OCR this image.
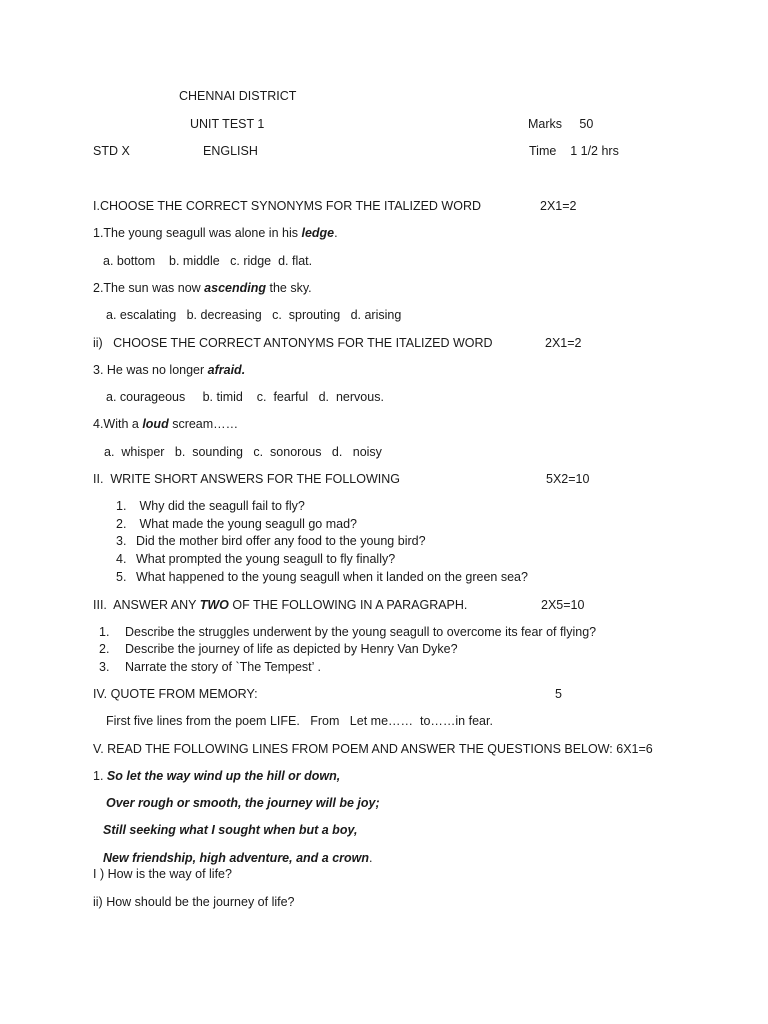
CHENNAI DISTRICT
UNIT TEST 1	Marks     50
STD X	ENGLISH	Time    1 1/2 hrs
I.CHOOSE THE CORRECT SYNONYMS FOR THE ITALIZED WORD	2X1=2
1.The young seagull was alone in his ledge.
a. bottom    b. middle   c. ridge  d. flat.
2.The sun was now ascending the sky.
a. escalating   b. decreasing   c.  sprouting   d. arising
ii)   CHOOSE THE CORRECT ANTONYMS FOR THE ITALIZED WORD	2X1=2
3. He was no longer afraid.
a. courageous     b. timid    c.  fearful   d.  nervous.
4.With a loud scream……
a.  whisper   b.  sounding   c.  sonorous   d.   noisy
II.  WRITE SHORT ANSWERS FOR THE FOLLOWING	5X2=10
1. Why did the seagull fail to fly?
2. What made the young seagull go mad?
3. Did the mother bird offer any food to the young bird?
4. What prompted the young seagull to fly finally?
5. What happened to the young seagull when it landed on the green sea?
III.  ANSWER ANY TWO OF THE FOLLOWING IN A PARAGRAPH.	2X5=10
1. Describe the struggles underwent by the young seagull to overcome its fear of flying?
2. Describe the journey of life as depicted by Henry Van Dyke?
3. Narrate the story of `The Tempest’ .
IV. QUOTE FROM MEMORY:	5
First five lines from the poem LIFE.   From   Let me……  to……in fear.
V. READ THE FOLLOWING LINES FROM POEM AND ANSWER THE QUESTIONS BELOW: 6X1=6
1. So let the way wind up the hill or down,
Over rough or smooth, the journey will be joy;
Still seeking what I sought when but a boy,
New friendship, high adventure, and a crown.
I ) How is the way of life?
ii) How should be the journey of life?
